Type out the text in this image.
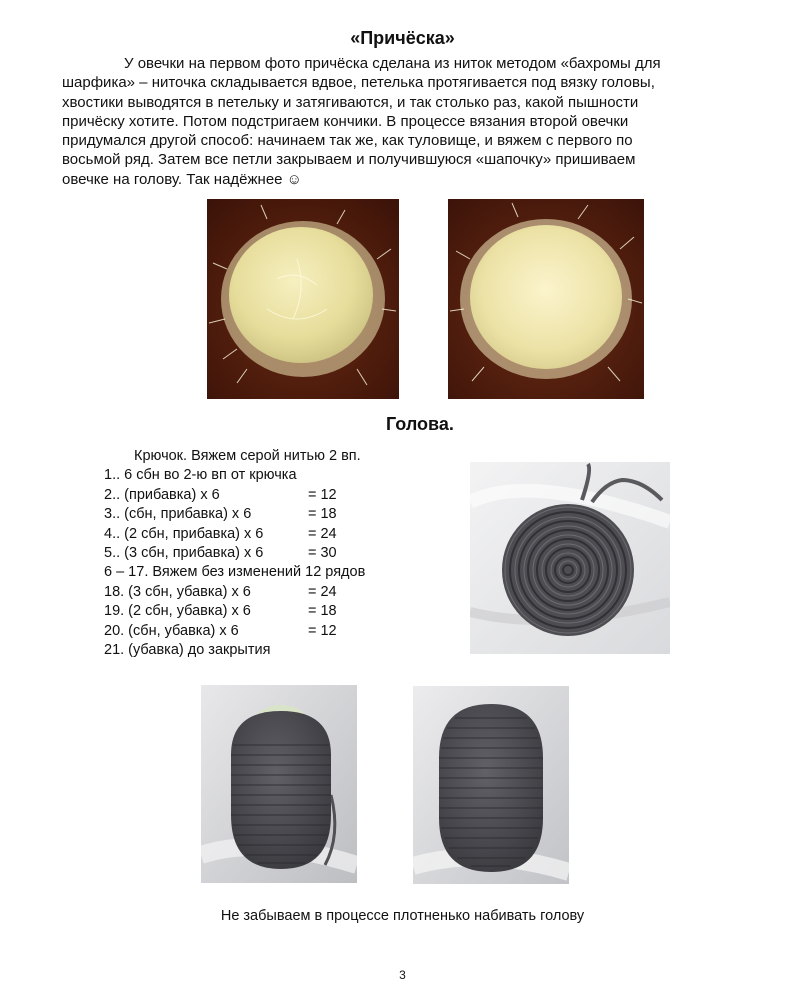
«Причёска»
У овечки на первом фото причёска сделана из ниток методом «бахромы для
шарфика» – ниточка складывается вдвое, петелька протягивается под вязку головы,
хвостики выводятся в петельку и затягиваются, и так столько раз, какой пышности
причёску хотите. Потом подстригаем кончики. В процессе вязания второй овечки
придумался другой способ: начинаем так же, как туловище, и вяжем с первого по
восьмой ряд. Затем все петли закрываем и получившуюся «шапочку» пришиваем
овечке на голову. Так надёжнее ☺
Голова.
Крючок. Вяжем серой нитью 2 вп.
1.. 6 сбн во 2-ю вп от крючка
2.. (прибавка) х 6	= 12
3.. (сбн, прибавка) х 6	= 18
4.. (2 сбн, прибавка) х 6	= 24
5.. (3 сбн, прибавка) х 6	= 30
6 – 17. Вяжем без изменений 12 рядов
18. (3 сбн, убавка) х 6	= 24
19. (2 сбн, убавка) х 6	= 18
20. (сбн, убавка) х 6	= 12
21. (убавка) до закрытия
Не забываем в процессе плотненько набивать голову
3
